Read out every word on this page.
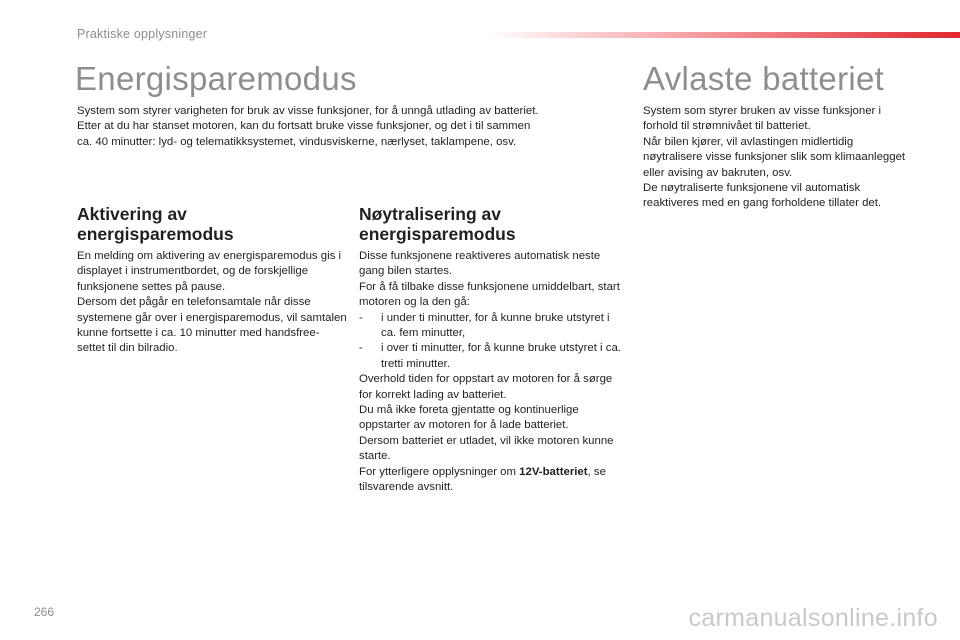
Praktiske opplysninger
Energisparemodus

System som styrer varigheten for bruk av visse funksjoner, for å unngå utlading av batteriet.

Etter at du har stanset motoren, kan du fortsatt bruke visse funksjoner, og det i til sammen

ca. 40 minutter: lyd- og telematikksystemet, vindusviskerne, nærlyset, taklampene, osv.

Aktivering av
energisparemodus

En melding om aktivering av energisparemodus gis i displayet i instrumentbordet, og de forskjellige funksjonene settes på pause.

Dersom det pågår en telefonsamtale når disse systemene går over i energisparemodus, vil samtalen kunne fortsette i ca. 10 minutter med handsfree-settet til din bilradio.

Nøytralisering av
energisparemodus

Disse funksjonene reaktiveres automatisk neste gang bilen startes.

For å få tilbake disse funksjonene umiddelbart, start motoren og la den gå:

-	i under ti minutter, for å kunne bruke utstyret i ca. fem minutter,
-	i over ti minutter, for å kunne bruke utstyret i ca. tretti minutter.

Overhold tiden for oppstart av motoren for å sørge for korrekt lading av batteriet.

Du må ikke foreta gjentatte og kontinuerlige oppstarter av motoren for å lade batteriet.

Dersom batteriet er utladet, vil ikke motoren kunne starte.

For ytterligere opplysninger om 12V-batteriet, se tilsvarende avsnitt.

Avlaste batteriet

System som styrer bruken av visse funksjoner i forhold til strømnivået til batteriet.

Når bilen kjører, vil avlastingen midlertidig nøytralisere visse funksjoner slik som klimaanlegget eller avising av bakruten, osv.

De nøytraliserte funksjonene vil automatisk reaktiveres med en gang forholdene tillater det.

266	carmanualsonline.info
